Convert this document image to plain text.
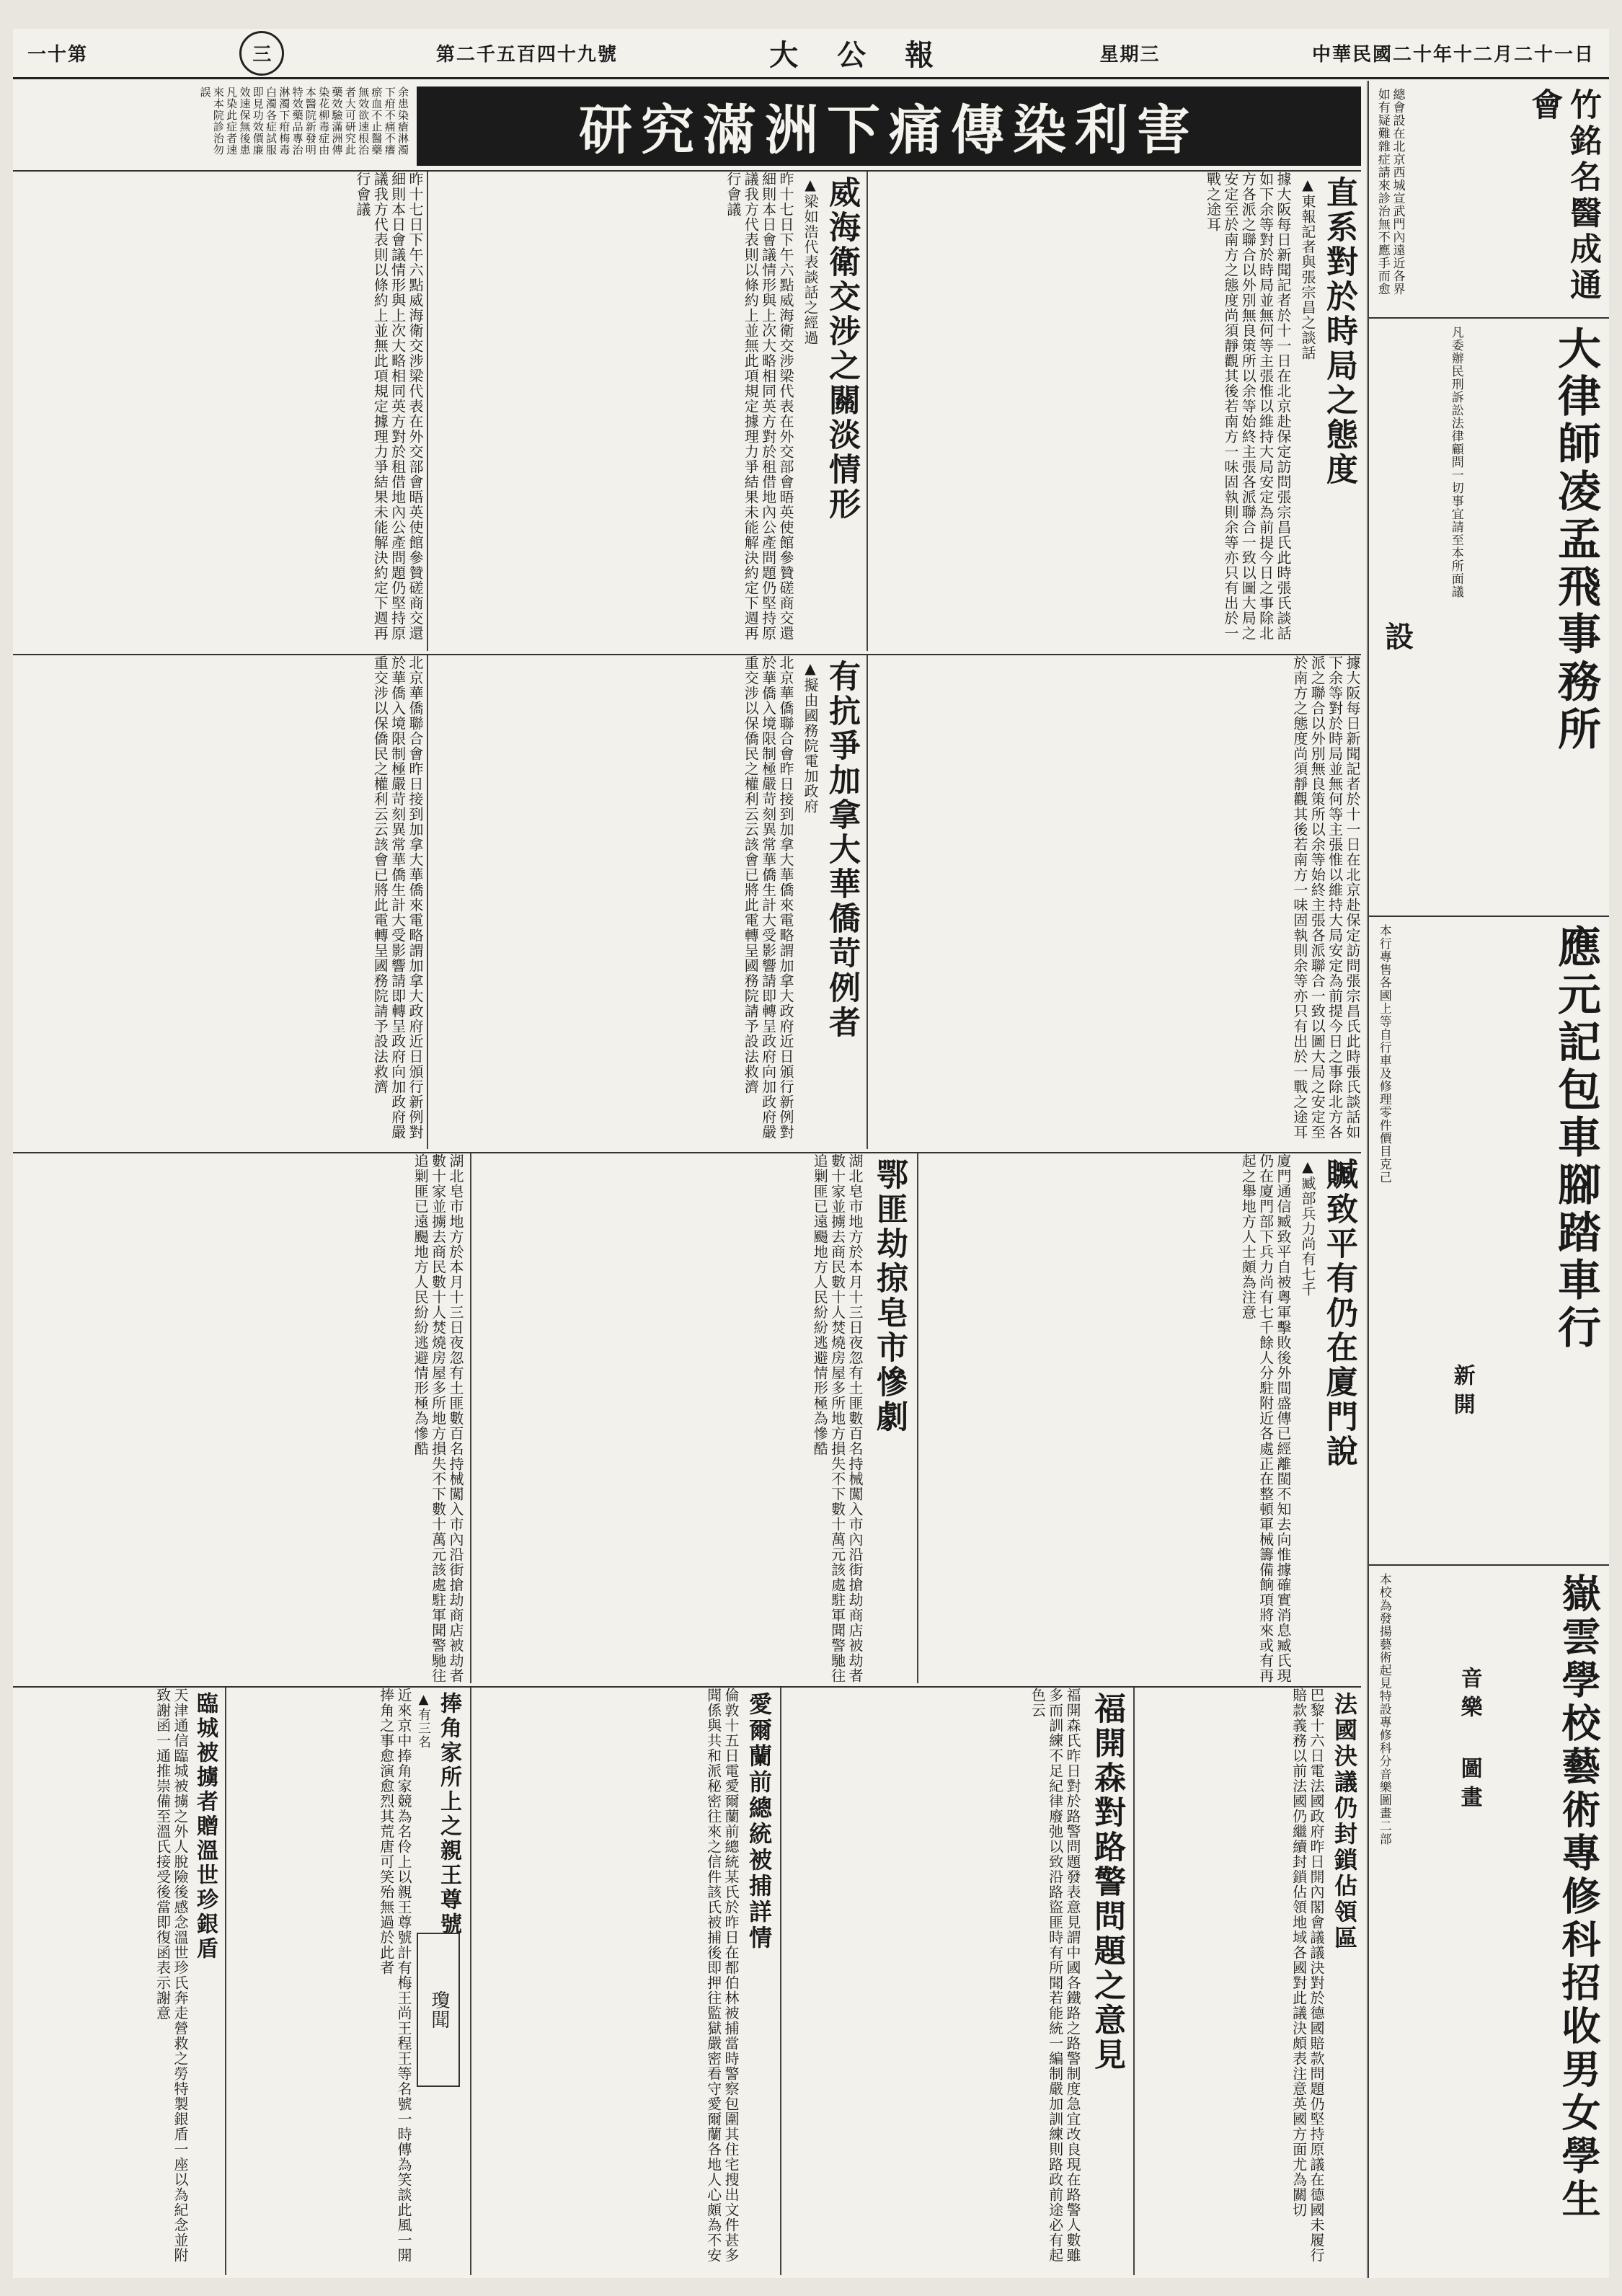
中華民國二十年十二月二十一日
星期三
大 公 報
第二千五百四十九號
三
一十第
研究滿洲下痛傳染利害
余患染瘡淋濁下疳不痛不癢瘀血不止醫藥無效欲速根治者大可研究此藥效驗滿洲傳染花柳毒症由本醫院新發明特效藥品專治淋濁下疳梅毒白濁各症試服即見功效價廉效速保無後患凡染此症者速來本院診治勿誤
直系對於時局之態度
▲東報記者與張宗昌之談話
據大阪每日新聞記者於十一日在北京赴保定訪問張宗昌氏此時張氏談話如下余等對於時局並無何等主張惟以維持大局安定為前提今日之事除北方各派之聯合以外別無良策所以余等始終主張各派聯合一致以圖大局之安定至於南方之態度尚須靜觀其後若南方一味固執則余等亦只有出於一戰之途耳
威海衛交涉之關淡情形
▲梁如浩代表談話之經過
昨十七日下午六點威海衛交涉梁代表在外交部會晤英使館參贊磋商交還細則本日會議情形與上次大略相同英方對於租借地內公產問題仍堅持原議我方代表則以條約上並無此項規定據理力爭結果未能解決約定下週再行會議
昨十七日下午六點威海衛交涉梁代表在外交部會晤英使館參贊磋商交還細則本日會議情形與上次大略相同英方對於租借地內公產問題仍堅持原議我方代表則以條約上並無此項規定據理力爭結果未能解決約定下週再行會議
據大阪每日新聞記者於十一日在北京赴保定訪問張宗昌氏此時張氏談話如下余等對於時局並無何等主張惟以維持大局安定為前提今日之事除北方各派之聯合以外別無良策所以余等始終主張各派聯合一致以圖大局之安定至於南方之態度尚須靜觀其後若南方一味固執則余等亦只有出於一戰之途耳
有抗爭加拿大華僑苛例者
▲擬由國務院電加政府
北京華僑聯合會昨日接到加拿大華僑來電略謂加拿大政府近日頒行新例對於華僑入境限制極嚴苛刻異常華僑生計大受影響請即轉呈政府向加政府嚴重交涉以保僑民之權利云云該會已將此電轉呈國務院請予設法救濟
北京華僑聯合會昨日接到加拿大華僑來電略謂加拿大政府近日頒行新例對於華僑入境限制極嚴苛刻異常華僑生計大受影響請即轉呈政府向加政府嚴重交涉以保僑民之權利云云該會已將此電轉呈國務院請予設法救濟
贓致平有仍在廈門說
▲臧部兵力尚有七千
廈門通信臧致平自被粵軍擊敗後外間盛傳已經離閩不知去向惟據確實消息臧氏現仍在廈門部下兵力尚有七千餘人分駐附近各處正在整頓軍械籌備餉項將來或有再起之舉地方人士頗為注意
鄂匪劫掠皂市慘劇
湖北皂市地方於本月十三日夜忽有土匪數百名持械闖入市內沿街搶劫商店被劫者數十家並擄去商民數十人焚燒房屋多所地方損失不下數十萬元該處駐軍聞警馳往追剿匪已遠颺地方人民紛紛逃避情形極為慘酷
湖北皂市地方於本月十三日夜忽有土匪數百名持械闖入市內沿街搶劫商店被劫者數十家並擄去商民數十人焚燒房屋多所地方損失不下數十萬元該處駐軍聞警馳往追剿匪已遠颺地方人民紛紛逃避情形極為慘酷
法國決議仍封鎖佔領區
巴黎十六日電法國政府昨日開內閣會議議決對於德國賠款問題仍堅持原議在德國未履行賠款義務以前法國仍繼續封鎖佔領地域各國對此議決頗表注意英國方面尤為關切
福開森對路警問題之意見
福開森氏昨日對於路警問題發表意見謂中國各鐵路之路警制度急宜改良現在路警人數雖多而訓練不足紀律廢弛以致沿路盜匪時有所聞若能統一編制嚴加訓練則路政前途必有起色云
愛爾蘭前總統被捕詳情
倫敦十五日電愛爾蘭前總統某氏於昨日在都伯林被捕當時警察包圍其住宅搜出文件甚多聞係與共和派秘密往來之信件該氏被捕後即押往監獄嚴密看守愛爾蘭各地人心頗為不安
捧角家所上之親王尊號
▲有三名
近來京中捧角家競為名伶上以親王尊號計有梅王尚王程王等名號一時傳為笑談此風一開捧角之事愈演愈烈其荒唐可笑殆無過於此者
瓊聞
臨城被擄者贈溫世珍銀盾
天津通信臨城被擄之外人脫險後感念溫世珍氏奔走營救之勞特製銀盾一座以為紀念並附致謝函一通推崇備至溫氏接受後當即復函表示謝意
總會設在北京西城宣武門內遠近各界如有疑難雜症請來診治無不應手而愈	竹銘名醫成通會
大律師凌孟飛事務所
凡委辦民刑訴訟法律顧問一切事宜請至本所面議
設
應元記包車腳踏車行
本行專售各國上等自行車及修理零件價目克己
新開
嶽雲學校藝術專修科招收男女學生
本校為發揚藝術起見特設專修科分音樂圖畫二部	音樂 圖畫
